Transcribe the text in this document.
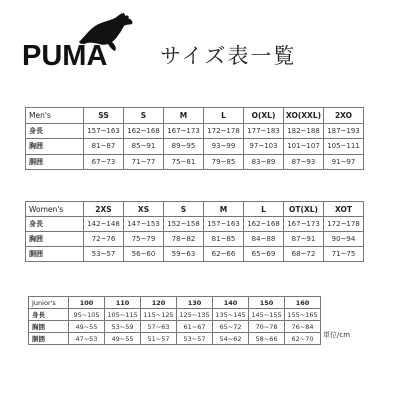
PUMA	サイズ表一覧
Men's	SS	S	M	L	O(XL)	XO(XXL)	2XO
身長	157~163	162~168	167~173	172~178	177~183	182~188	187~193
胸囲	81~87	85~91	89~95	93~99	97~103	101~107	105~111
胴囲	67~73	71~77	75~81	79~85	83~89	87~93	91~97
Women's	2XS	XS	S	M	L	OT(XL)	XOT
身長	142~148	147~153	152~158	157~163	162~168	167~173	172~178
胸囲	72~76	75~79	78~82	81~85	84~88	87~91	90~94
胴囲	53~57	56~60	59~63	62~66	65~69	68~72	71~75
Junior's	100	110	120	130	140	150	160
身長	95~105	105~115	115~125	125~135	135~145	145~155	155~165
胸囲	49~55	53~59	57~63	61~67	65~72	70~78	76~84
胴囲	47~53	49~55	51~57	53~57	54~62	58~66	62~70 単位/cm
